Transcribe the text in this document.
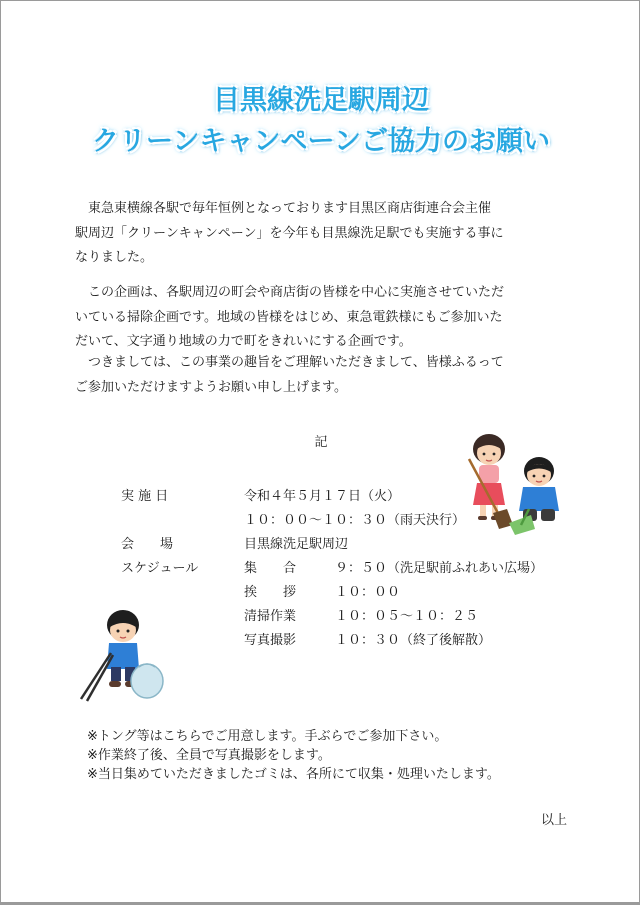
目黒線洗足駅周辺
クリーンキャンペーンご協力のお願い
東急東横線各駅で毎年恒例となっております目黒区商店街連合会主催
駅周辺「クリーンキャンペーン」を今年も目黒線洗足駅でも実施する事に
なりました。
この企画は、各駅周辺の町会や商店街の皆様を中心に実施させていただ
いている掃除企画です。地域の皆様をはじめ、東急電鉄様にもご参加いた
だいて、文字通り地域の力で町をきれいにする企画です。
つきましては、この事業の趣旨をご理解いただきまして、皆様ふるって
ご参加いただけますようお願い申し上げます。
記
実 施 日	令和４年５月１７日（火）
１０：００～１０：３０（雨天決行）
会　　場	目黒線洗足駅周辺
スケジュール	集　　合	９：５０（洗足駅前ふれあい広場）
挨　　拶	１０：００
清掃作業	１０：０５～１０：２５
写真撮影	１０：３０（終了後解散）
※トング等はこちらでご用意します。手ぶらでご参加下さい。
※作業終了後、全員で写真撮影をします。
※当日集めていただきましたゴミは、各所にて収集・処理いたします。
以上
